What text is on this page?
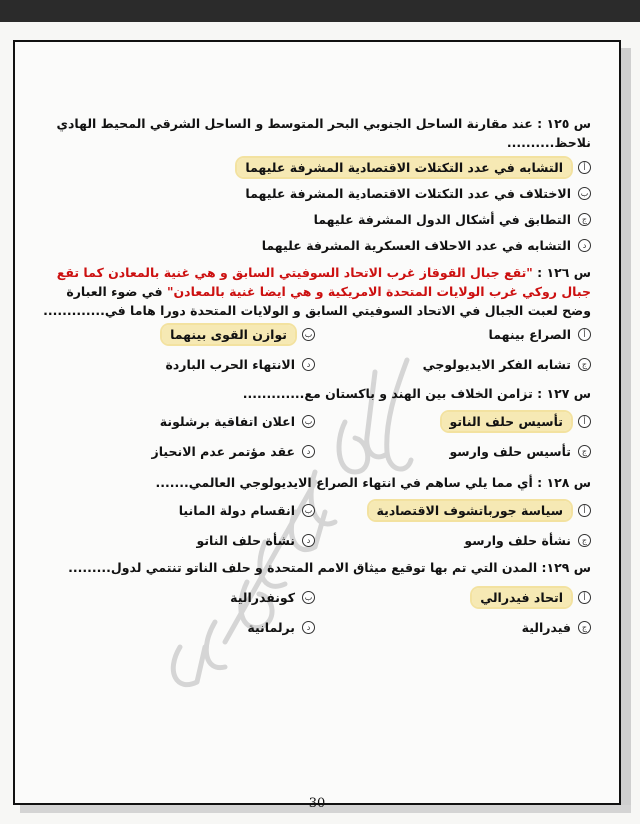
س ١٢٥ : عند مقارنة الساحل الجنوبي البحر المتوسط و الساحل الشرقي المحيط الهادي نلاحظ..........

أ
التشابه في عدد التكتلات الاقتصادية المشرفة عليهما
ب
الاختلاف في عدد التكتلات الاقتصادية المشرفة عليهما
ج
التطابق في أشكال الدول المشرفة عليهما
د
التشابه في عدد الاحلاف العسكرية المشرفة عليهما

س ١٢٦ : "تقع جبال القوقاز غرب الاتحاد السوفيتي السابق و هي غنية بالمعادن كما تقع جبال روكي غرب الولايات المتحدة الامريكية و هي ايضا غنية بالمعادن" في ضوء العبارة وضح لعبت الجبال في الاتحاد السوفيتي السابق و الولايات المتحدة دورا هاما في.............

أ
الصراع بينهما
ب
توازن القوى بينهما
ج
تشابه الفكر الايديولوجي
د
الانتهاء الحرب الباردة

س ١٢٧ : تزامن الخلاف بين الهند و باكستان مع.............

أ
تأسيس حلف الناتو
ب
اعلان اتفاقية برشلونة
ج
تأسيس حلف وارسو
د
عقد مؤتمر عدم الانحياز

س ١٢٨ : أي مما يلي ساهم في انتهاء الصراع الايديولوجي العالمي.......

أ
سياسة جورباتشوف الاقتصادية
ب
انقسام دولة المانيا
ج
نشأة حلف وارسو
د
نشأة حلف الناتو

س ١٢٩: المدن التي تم بها توقيع ميثاق الامم المتحدة و حلف الناتو تنتمي لدول.........

أ
اتحاد فيدرالي
ب
كونفدرالية
ج
فيدرالية
د
برلمانية
30
